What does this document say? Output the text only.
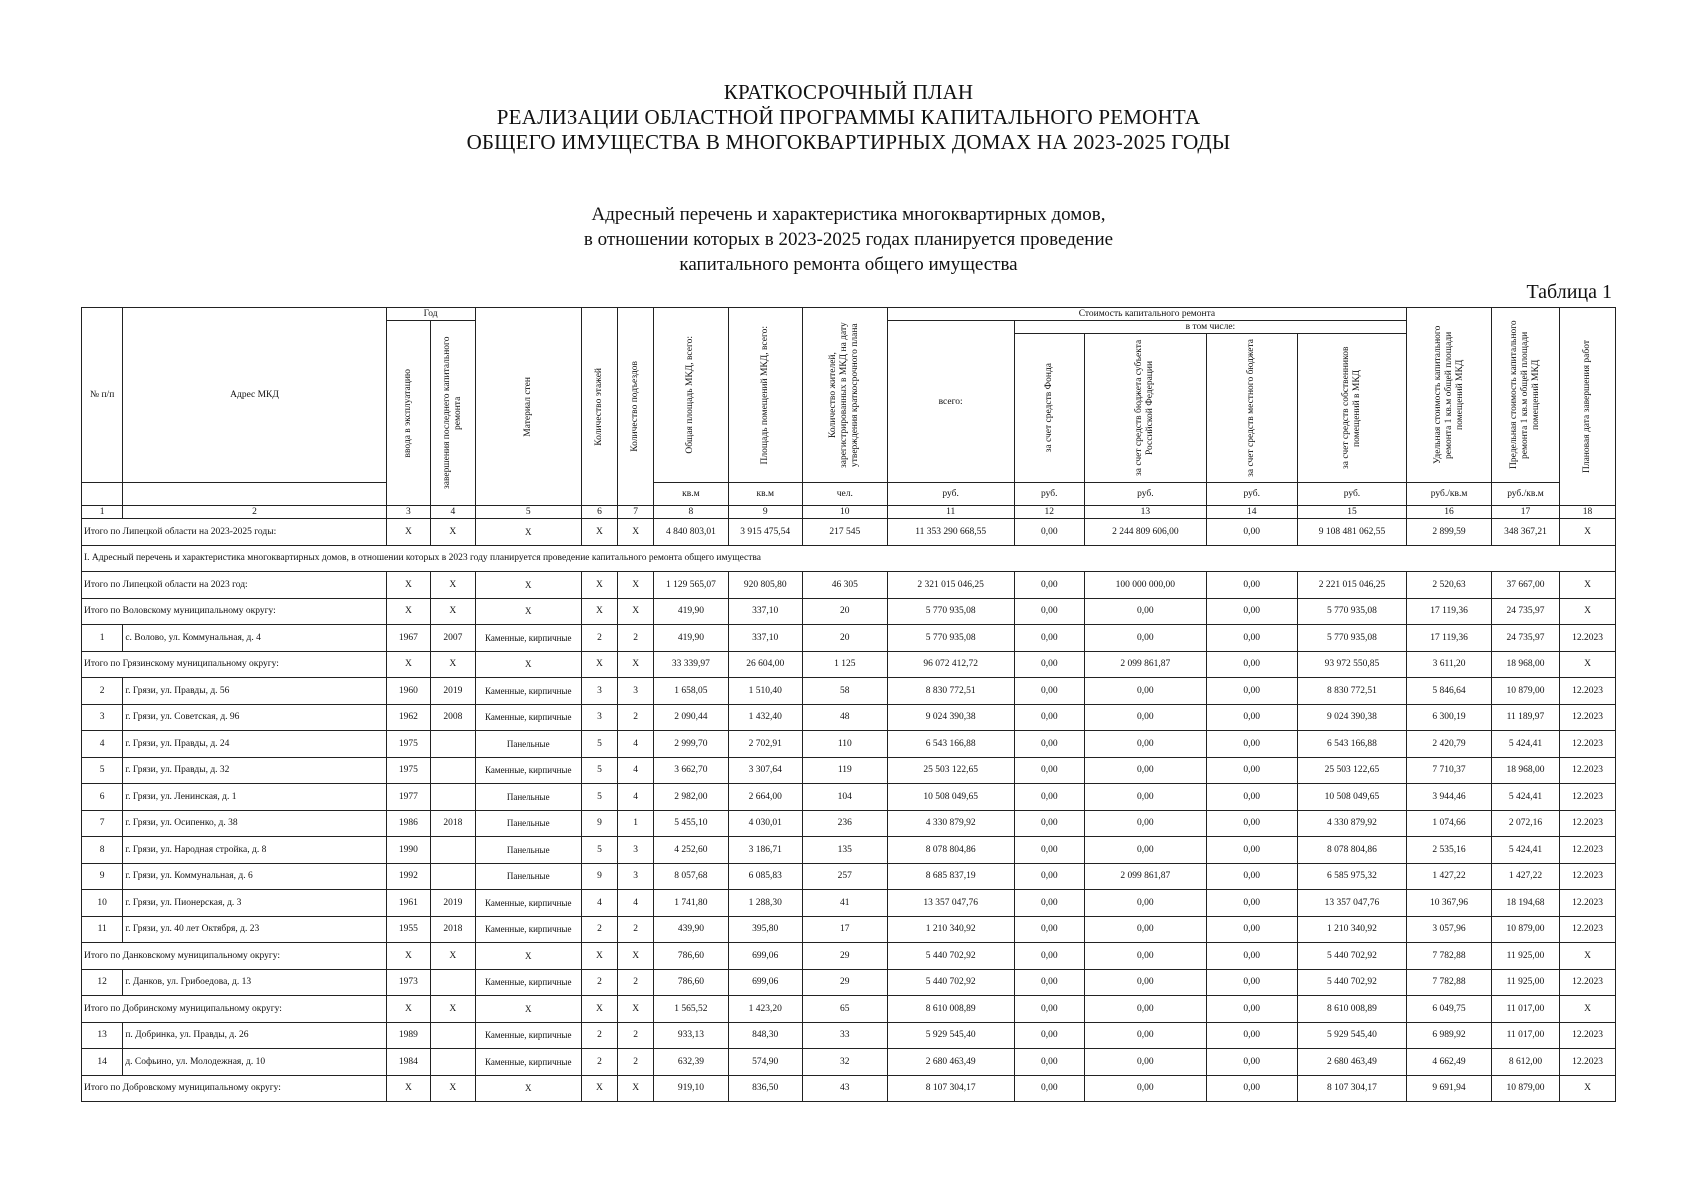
КРАТКОСРОЧНЫЙ ПЛАН
РЕАЛИЗАЦИИ ОБЛАСТНОЙ ПРОГРАММЫ КАПИТАЛЬНОГО РЕМОНТА
ОБЩЕГО ИМУЩЕСТВА В МНОГОКВАРТИРНЫХ ДОМАХ НА 2023-2025 ГОДЫ
Адресный перечень и характеристика многоквартирных домов,
в отношении которых в 2023-2025 годах планируется проведение
капитального ремонта общего имущества
Таблица 1
№ п/п	Адрес МКД	Год		Материал стен	Количество этажей	Количество подъездов	Общая площадь МКД, всего:	Площадь помещений МКД, всего:	Количество жителей, зарегистрированных в МКД на дату утверждения краткосрочного плана	Стоимость капитального ремонта					Удельная стоимость капитального ремонта 1 кв.м общей площади помещений МКД	Предельная стоимость капитального ремонта 1 кв.м общей площади помещений МКД	Плановая дата завершения работ

		ввода в эксплуатацию	завершения последнего капитального ремонта							всего:	в том числе:						

											за счет средств Фонда	за счет средств бюджета субъекта Российской Федерации	за счет средств местного бюджета	за счет средств собственников помещений в МКД			

							кв.м	кв.м	чел.	руб.	руб.	руб.	руб.	руб.	руб./кв.м	руб./кв.м	
1	2	3	4	5	6	7	8	9	10	11	12	13	14	15	16	17	18
Итого по Липецкой области на 2023-2025 годы:		X	X	X	X	X	4 840 803,01	3 915 475,54	217 545	11 353 290 668,55	0,00	2 244 809 606,00	0,00	9 108 481 062,55	2 899,59	348 367,21	X
I. Адресный перечень и характеристика многоквартирных домов, в отношении которых в 2023 году планируется проведение капитального ремонта общего имущества																	
Итого по Липецкой области на 2023 год:		X	X	X	X	X	1 129 565,07	920 805,80	46 305	2 321 015 046,25	0,00	100 000 000,00	0,00	2 221 015 046,25	2 520,63	37 667,00	X
Итого по Воловскому муниципальному округу:		X	X	X	X	X	419,90	337,10	20	5 770 935,08	0,00	0,00	0,00	5 770 935,08	17 119,36	24 735,97	X
1	с. Волово, ул. Коммунальная, д. 4	1967	2007	Каменные, кирпичные	2	2	419,90	337,10	20	5 770 935,08	0,00	0,00	0,00	5 770 935,08	17 119,36	24 735,97	12.2023
Итого по Грязинскому муниципальному округу:		X	X	X	X	X	33 339,97	26 604,00	1 125	96 072 412,72	0,00	2 099 861,87	0,00	93 972 550,85	3 611,20	18 968,00	X
2	г. Грязи, ул. Правды, д. 56	1960	2019	Каменные, кирпичные	3	3	1 658,05	1 510,40	58	8 830 772,51	0,00	0,00	0,00	8 830 772,51	5 846,64	10 879,00	12.2023
3	г. Грязи, ул. Советская, д. 96	1962	2008	Каменные, кирпичные	3	2	2 090,44	1 432,40	48	9 024 390,38	0,00	0,00	0,00	9 024 390,38	6 300,19	11 189,97	12.2023
4	г. Грязи, ул. Правды, д. 24	1975		Панельные	5	4	2 999,70	2 702,91	110	6 543 166,88	0,00	0,00	0,00	6 543 166,88	2 420,79	5 424,41	12.2023
5	г. Грязи, ул. Правды, д. 32	1975		Каменные, кирпичные	5	4	3 662,70	3 307,64	119	25 503 122,65	0,00	0,00	0,00	25 503 122,65	7 710,37	18 968,00	12.2023
6	г. Грязи, ул. Ленинская, д. 1	1977		Панельные	5	4	2 982,00	2 664,00	104	10 508 049,65	0,00	0,00	0,00	10 508 049,65	3 944,46	5 424,41	12.2023
7	г. Грязи, ул. Осипенко, д. 38	1986	2018	Панельные	9	1	5 455,10	4 030,01	236	4 330 879,92	0,00	0,00	0,00	4 330 879,92	1 074,66	2 072,16	12.2023
8	г. Грязи, ул. Народная стройка, д. 8	1990		Панельные	5	3	4 252,60	3 186,71	135	8 078 804,86	0,00	0,00	0,00	8 078 804,86	2 535,16	5 424,41	12.2023
9	г. Грязи, ул. Коммунальная, д. 6	1992		Панельные	9	3	8 057,68	6 085,83	257	8 685 837,19	0,00	2 099 861,87	0,00	6 585 975,32	1 427,22	1 427,22	12.2023
10	г. Грязи, ул. Пионерская, д. 3	1961	2019	Каменные, кирпичные	4	4	1 741,80	1 288,30	41	13 357 047,76	0,00	0,00	0,00	13 357 047,76	10 367,96	18 194,68	12.2023
11	г. Грязи, ул. 40 лет Октября, д. 23	1955	2018	Каменные, кирпичные	2	2	439,90	395,80	17	1 210 340,92	0,00	0,00	0,00	1 210 340,92	3 057,96	10 879,00	12.2023
Итого по Данковскому муниципальному округу:		X	X	X	X	X	786,60	699,06	29	5 440 702,92	0,00	0,00	0,00	5 440 702,92	7 782,88	11 925,00	X
12	г. Данков, ул. Грибоедова, д. 13	1973		Каменные, кирпичные	2	2	786,60	699,06	29	5 440 702,92	0,00	0,00	0,00	5 440 702,92	7 782,88	11 925,00	12.2023
Итого по Добринскому муниципальному округу:		X	X	X	X	X	1 565,52	1 423,20	65	8 610 008,89	0,00	0,00	0,00	8 610 008,89	6 049,75	11 017,00	X
13	п. Добринка, ул. Правды, д. 26	1989		Каменные, кирпичные	2	2	933,13	848,30	33	5 929 545,40	0,00	0,00	0,00	5 929 545,40	6 989,92	11 017,00	12.2023
14	д. Софьино, ул. Молодежная, д. 10	1984		Каменные, кирпичные	2	2	632,39	574,90	32	2 680 463,49	0,00	0,00	0,00	2 680 463,49	4 662,49	8 612,00	12.2023
Итого по Добровскому муниципальному округу:		X	X	X	X	X	919,10	836,50	43	8 107 304,17	0,00	0,00	0,00	8 107 304,17	9 691,94	10 879,00	X
